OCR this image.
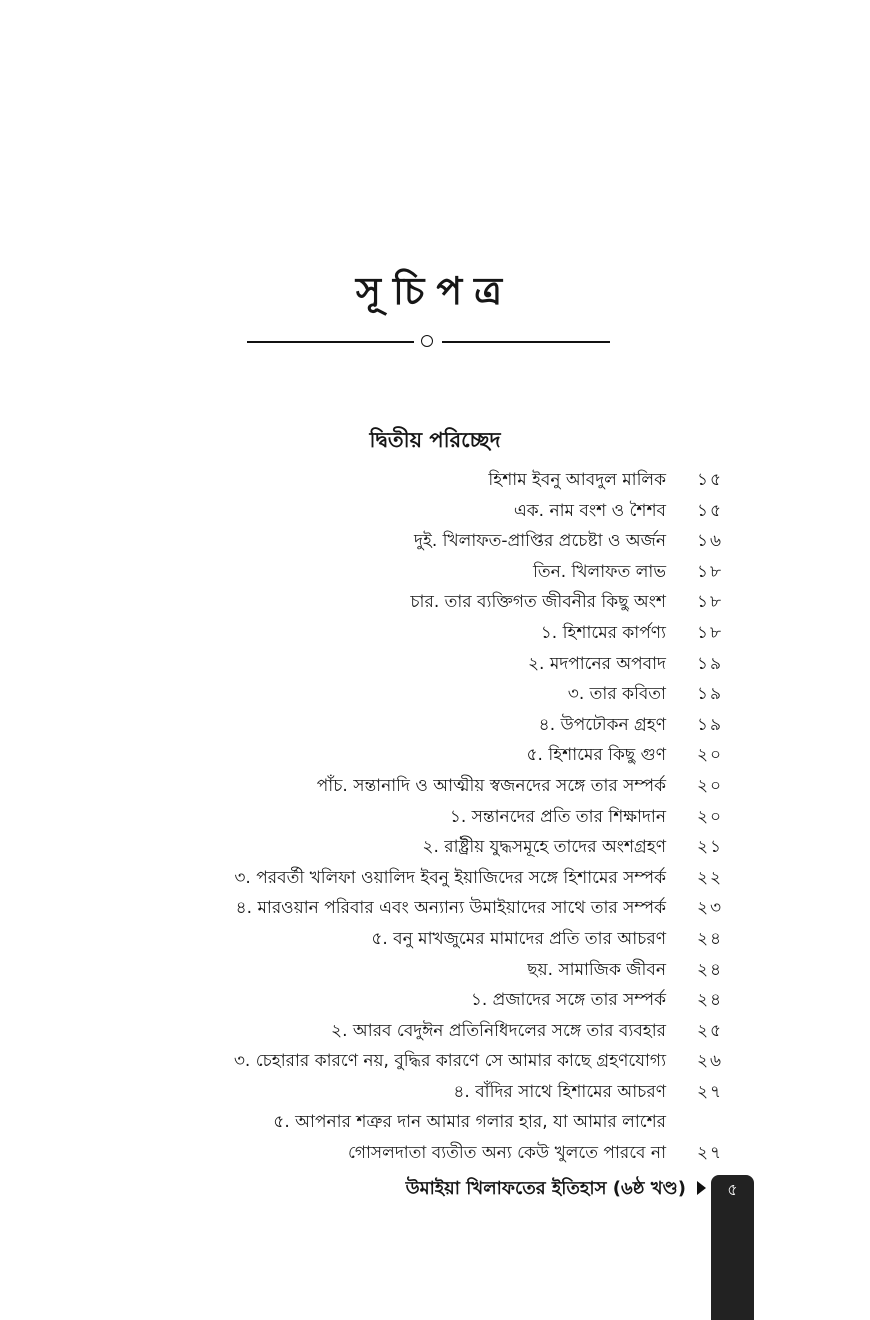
সূচিপত্র
দ্বিতীয় পরিচ্ছেদ
হিশাম ইবনু আবদুল মালিক ১৫
এক. নাম বংশ ও শৈশব ১৫
দুই. খিলাফত-প্রাপ্তির প্রচেষ্টা ও অর্জন ১৬
তিন. খিলাফত লাভ ১৮
চার. তার ব্যক্তিগত জীবনীর কিছু অংশ ১৮
১. হিশামের কার্পণ্য ১৮
২. মদপানের অপবাদ ১৯
৩. তার কবিতা ১৯
৪. উপঢৌকন গ্রহণ ১৯
৫. হিশামের কিছু গুণ ২০
পাঁচ. সন্তানাদি ও আত্মীয় স্বজনদের সঙ্গে তার সম্পর্ক ২০
১. সন্তানদের প্রতি তার শিক্ষাদান ২০
২. রাষ্ট্রীয় যুদ্ধসমূহে তাদের অংশগ্রহণ ২১
৩. পরবর্তী খলিফা ওয়ালিদ ইবনু ইয়াজিদের সঙ্গে হিশামের সম্পর্ক ২২
৪. মারওয়ান পরিবার এবং অন্যান্য উমাইয়াদের সাথে তার সম্পর্ক ২৩
৫. বনু মাখজুমের মামাদের প্রতি তার আচরণ ২৪
ছয়. সামাজিক জীবন ২৪
১. প্রজাদের সঙ্গে তার সম্পর্ক ২৪
২. আরব বেদুঈন প্রতিনিধিদলের সঙ্গে তার ব্যবহার ২৫
৩. চেহারার কারণে নয়, বুদ্ধির কারণে সে আমার কাছে গ্রহণযোগ্য ২৬
৪. বাঁদির সাথে হিশামের আচরণ ২৭
৫. আপনার শত্রুর দান আমার গলার হার, যা আমার লাশের
গোসলদাতা ব্যতীত অন্য কেউ খুলতে পারবে না ২৭
উমাইয়া খিলাফতের ইতিহাস (৬ষ্ঠ খণ্ড)	৫
